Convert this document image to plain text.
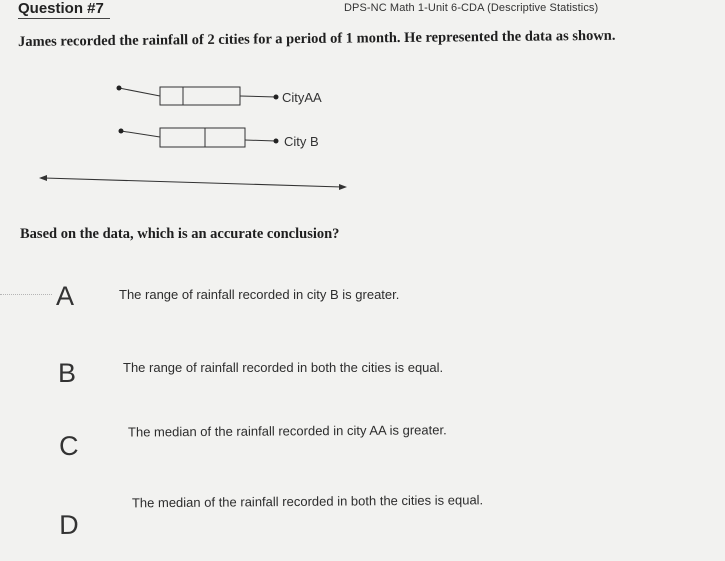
Question #7	DPS-NC Math 1-Unit 6-CDA (Descriptive Statistics)
James recorded the rainfall of 2 cities for a period of 1 month. He represented the data as shown.
CityAA
City B
Based on the data, which is an accurate conclusion?
A	The range of rainfall recorded in city B is greater.
B	The range of rainfall recorded in both the cities is equal.
C	The median of the rainfall recorded in city AA is greater.
D
The median of the rainfall recorded in both the cities is equal.
